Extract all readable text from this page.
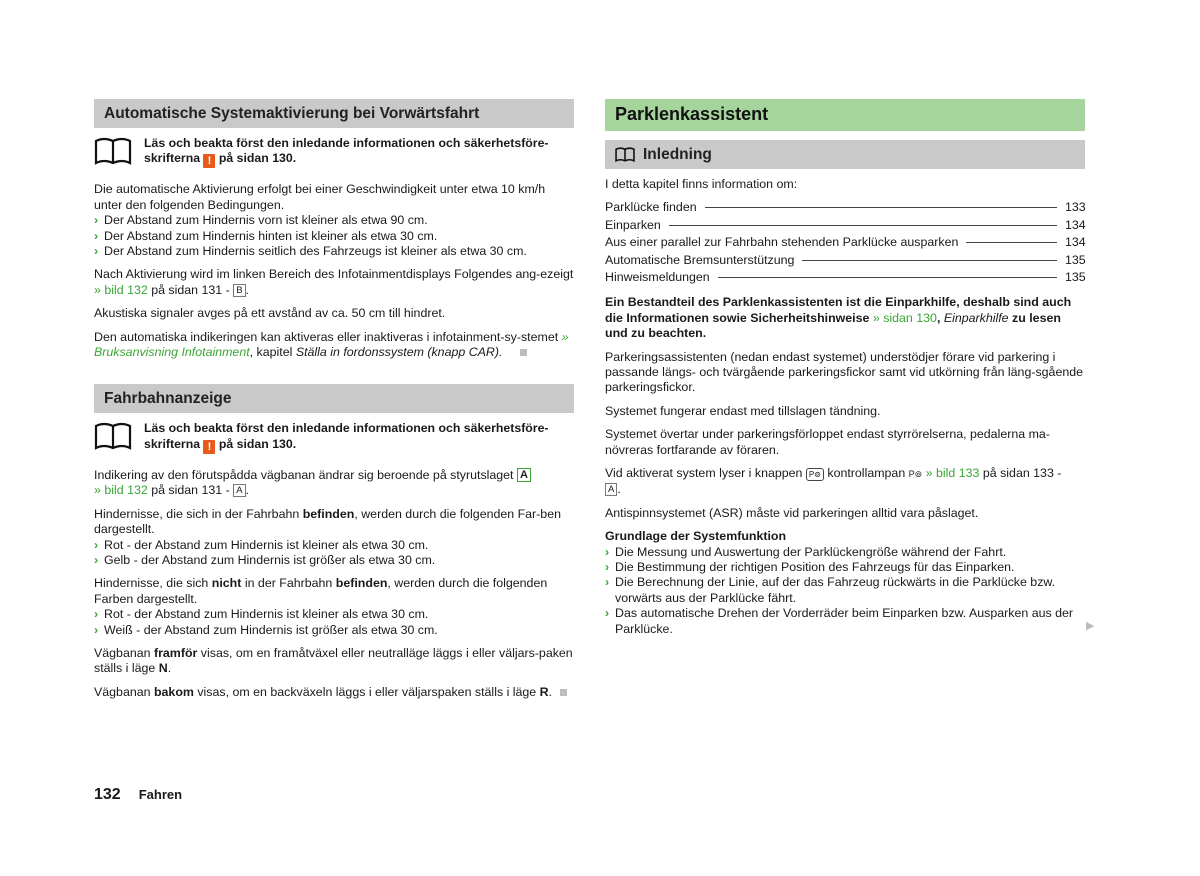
Automatische Systemaktivierung bei Vorwärtsfahrt
Läs och beakta först den inledande informationen och säkerhetsföre-
skrifterna ! på sidan 130.

Die automatische Aktivierung erfolgt bei einer Geschwindigkeit unter etwa 10 km/h unter den folgenden Bedingungen.

› Der Abstand zum Hindernis vorn ist kleiner als etwa 90 cm.
› Der Abstand zum Hindernis hinten ist kleiner als etwa 30 cm.
› Der Abstand zum Hindernis seitlich des Fahrzeugs ist kleiner als etwa 30 cm.

Nach Aktivierung wird im linken Bereich des Infotainmentdisplays Folgendes ang-ezeigt » bild 132 på sidan 131 - B .

Akustiska signaler avges på ett avstånd av ca. 50 cm till hindret.

Den automatiska indikeringen kan aktiveras eller inaktiveras i infotainment-sy-stemet » Bruksanvisning Infotainment, kapitel Ställa in fordonssystem (knapp CAR).

Fahrbahnanzeige
Läs och beakta först den inledande informationen och säkerhetsföre-
skrifterna ! på sidan 130.

Indikering av den förutspådda vägbanan ändrar sig beroende på styrutslaget A
» bild 132 på sidan 131 - A .

Hindernisse, die sich in der Fahrbahn befinden, werden durch die folgenden Far-ben dargestellt.

› Rot - der Abstand zum Hindernis ist kleiner als etwa 30 cm.
› Gelb - der Abstand zum Hindernis ist größer als etwa 30 cm.

Hindernisse, die sich nicht in der Fahrbahn befinden, werden durch die folgenden Farben dargestellt.

› Rot - der Abstand zum Hindernis ist kleiner als etwa 30 cm.
› Weiß - der Abstand zum Hindernis ist größer als etwa 30 cm.

Vägbanan framför visas, om en framåtväxel eller neutralläge läggs i eller väljars-paken ställs i läge N.

Vägbanan bakom visas, om en backväxeln läggs i eller väljarspaken ställs i läge R.

Parklenkassistent
Inledning

I detta kapitel finns information om:

Parklücke finden	133
Einparken	134
Aus einer parallel zur Fahrbahn stehenden Parklücke ausparken	134
Automatische Bremsunterstützung	135
Hinweismeldungen	135

Ein Bestandteil des Parklenkassistenten ist die Einparkhilfe, deshalb sind auch die Informationen sowie Sicherheitshinweise » sidan 130, Einparkhilfe zu lesen und zu beachten.

Parkeringsassistenten (nedan endast systemet) understödjer förare vid parkering i passande längs- och tvärgående parkeringsfickor samt vid utkörning från läng-sgående parkeringsfickor.

Systemet fungerar endast med tillslagen tändning.

Systemet övertar under parkeringsförloppet endast styrrörelserna, pedalerna ma-növreras fortfarande av föraren.

Vid aktiverat system lyser i knappen P⊚ kontrollampan P⊚ » bild 133 på sidan 133 -
A .

Antispinnsystemet (ASR) måste vid parkeringen alltid vara påslaget.

Grundlage der Systemfunktion

› Die Messung und Auswertung der Parklückengröße während der Fahrt.
› Die Bestimmung der richtigen Position des Fahrzeugs für das Einparken.
› Die Berechnung der Linie, auf der das Fahrzeug rückwärts in die Parklücke bzw. vorwärts aus der Parklücke fährt.
› Das automatische Drehen der Vorderräder beim Einparken bzw. Ausparken aus der Parklücke.	▶
132 Fahren
